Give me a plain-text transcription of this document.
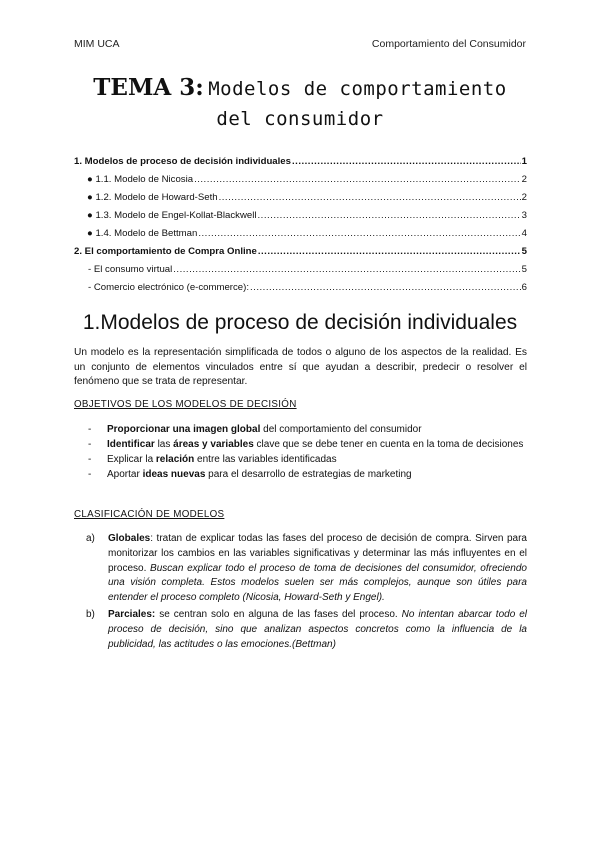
MIM UCA	Comportamiento del Consumidor
TEMA 3: Modelos de comportamiento
del consumidor
1. Modelos de proceso de decisión individuales .....	1
● 1.1. Modelo de Nicosia .....	2
● 1.2. Modelo de Howard-Seth .....	2
● 1.3. Modelo de Engel-Kollat-Blackwell .....	3
● 1.4. Modelo de Bettman .....	4
2. El comportamiento de Compra Online .....	5
- El consumo virtual .....	5
- Comercio electrónico (e-commerce): .....	6
1.Modelos de proceso de decisión individuales

Un modelo es la representación simplificada de todos o alguno de los aspectos de la realidad. Es un conjunto de elementos vinculados entre sí que ayudan a describir, predecir o resolver el fenómeno que se trata de representar.

OBJETIVOS DE LOS MODELOS DE DECISIÓN
- Proporcionar una imagen global del comportamiento del consumidor
- Identificar las áreas y variables clave que se debe tener en cuenta en la toma de decisiones
- Explicar la relación entre las variables identificadas
- Aportar ideas nuevas para el desarrollo de estrategias de marketing
CLASIFICACIÓN DE MODELOS
a) Globales: tratan de explicar todas las fases del proceso de decisión de compra. Sirven para monitorizar los cambios en las variables significativas y determinar las más influyentes en el proceso. Buscan explicar todo el proceso de toma de decisiones del consumidor, ofreciendo una visión completa. Estos modelos suelen ser más complejos, aunque son útiles para entender el proceso completo (Nicosia, Howard-Seth y Engel).
b) Parciales: se centran solo en alguna de las fases del proceso. No intentan abarcar todo el proceso de decisión, sino que analizan aspectos concretos como la influencia de la publicidad, las actitudes o las emociones.(Bettman)
